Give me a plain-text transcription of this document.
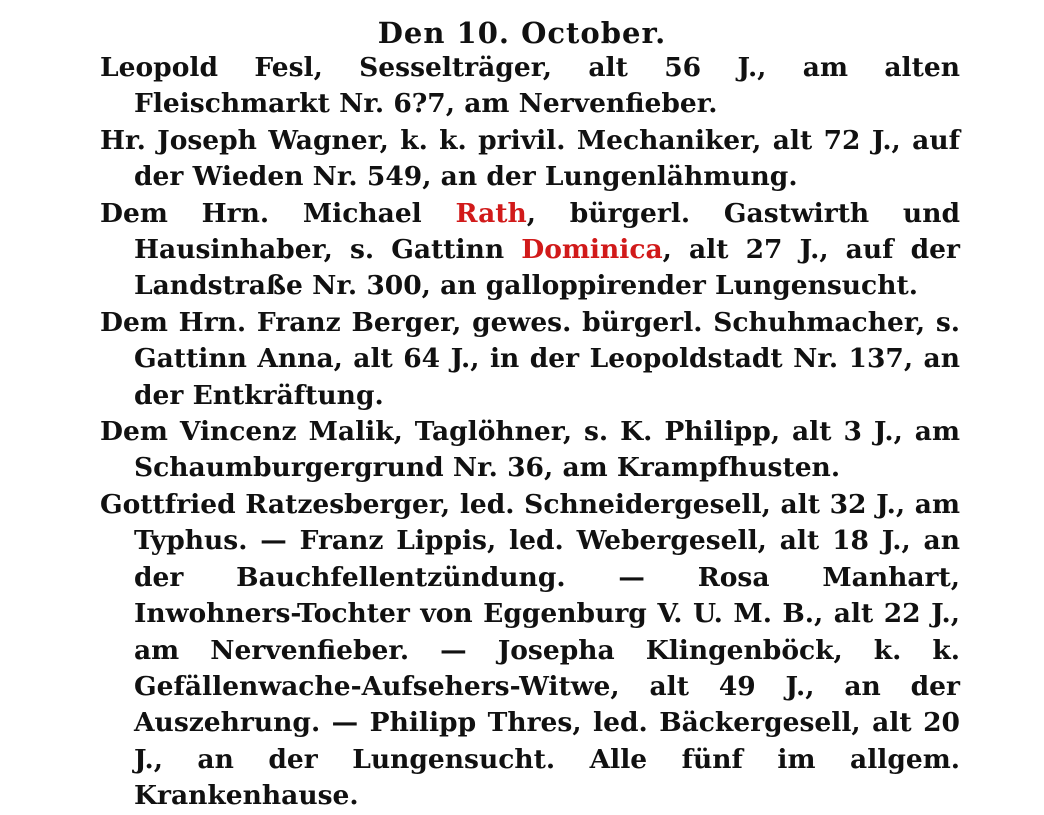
Den 10. October.
Leopold Fesl, Sesselträger, alt 56 J., am alten Fleischmarkt Nr. 6?7, am Nervenfieber.
Hr. Joseph Wagner, k. k. privil. Mechaniker, alt 72 J., auf der Wieden Nr. 549, an der Lungenlähmung.
Dem Hrn. Michael Rath, bürgerl. Gastwirth und Hausinhaber, s. Gattinn Dominica, alt 27 J., auf der Landstraße Nr. 300, an galloppirender Lungensucht.
Dem Hrn. Franz Berger, gewes. bürgerl. Schuhmacher, s. Gattinn Anna, alt 64 J., in der Leopoldstadt Nr. 137, an der Entkräftung.
Dem Vincenz Malik, Taglöhner, s. K. Philipp, alt 3 J., am Schaumburgergrund Nr. 36, am Krampfhusten.
Gottfried Ratzesberger, led. Schneidergesell, alt 32 J., am Typhus. — Franz Lippis, led. Webergesell, alt 18 J., an der Bauchfellentzündung. — Rosa Manhart, Inwohners-Tochter von Eggenburg V. U. M. B., alt 22 J., am Nervenfieber. — Josepha Klingenböck, k. k. Gefällenwache-Aufsehers-Witwe, alt 49 J., an der Auszehrung. — Philipp Thres, led. Bäckergesell, alt 20 J., an der Lungensucht. Alle fünf im allgem. Krankenhause.
